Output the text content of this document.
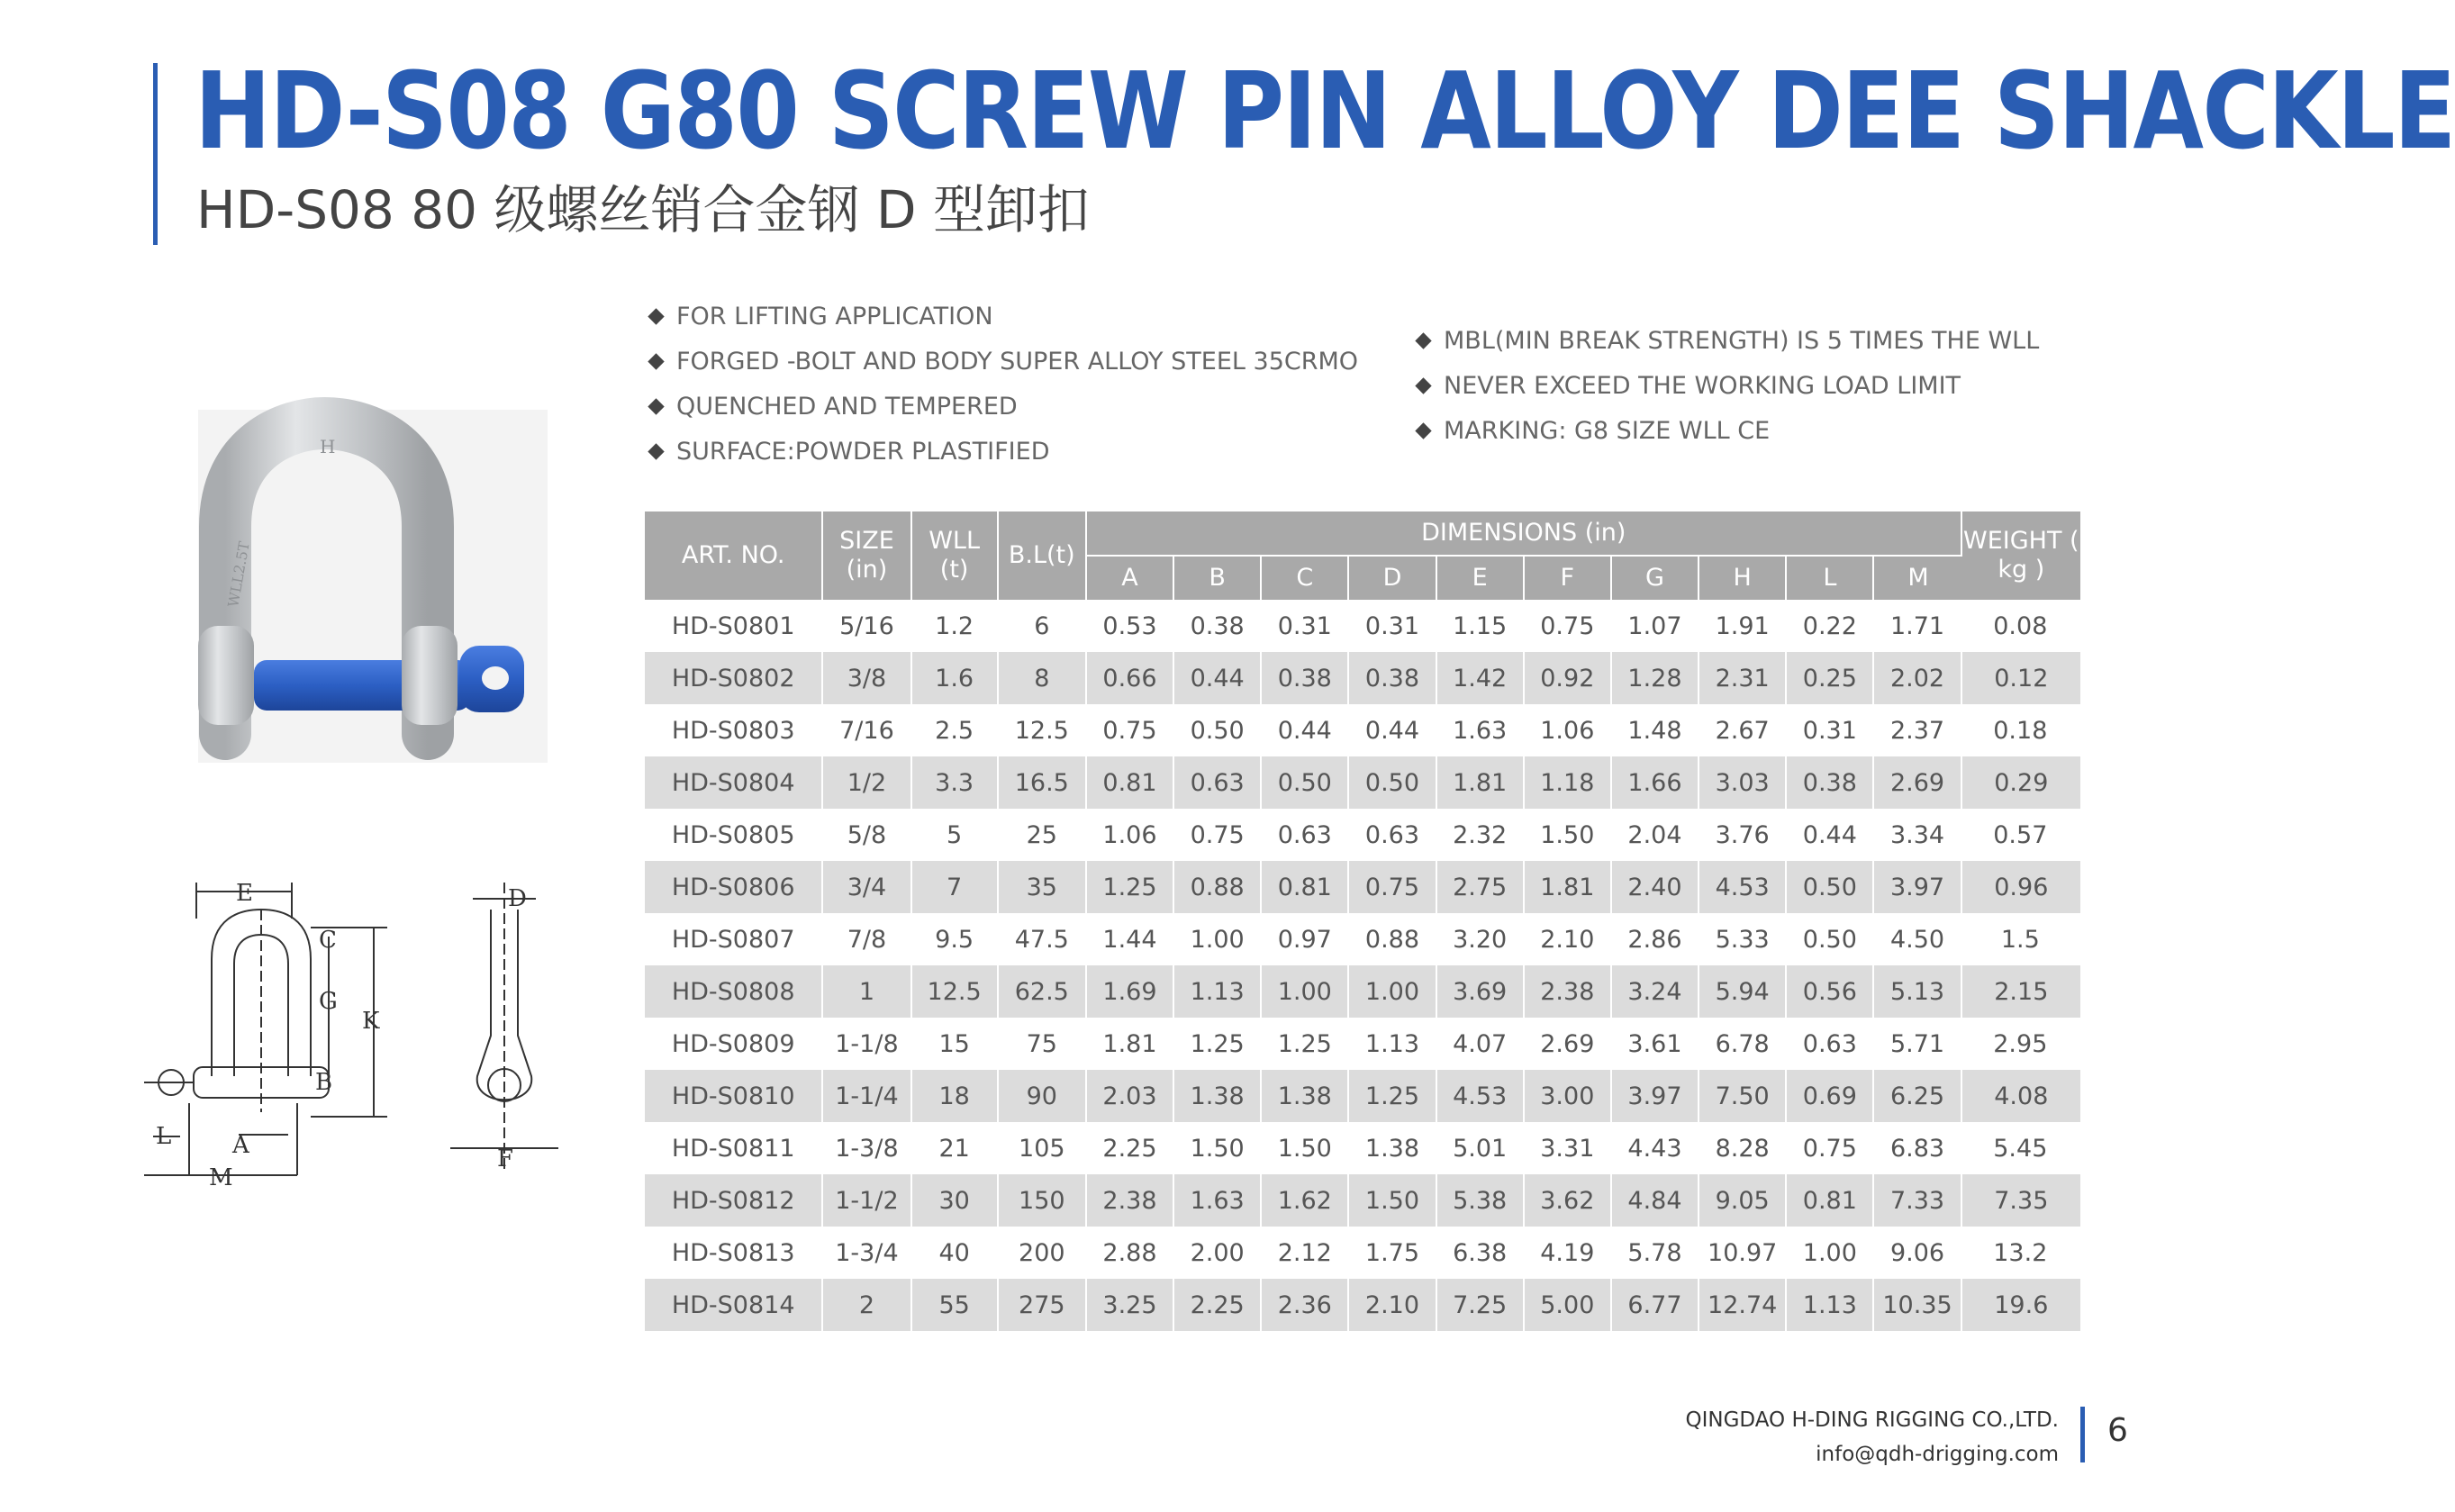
HD-S08 G80 SCREW PIN ALLOY DEE SHACKLE
HD-S08 80 级螺丝销合金钢 D 型卸扣
FOR LIFTING APPLICATION
FORGED -BOLT AND BODY SUPER ALLOY STEEL 35CRMO
QUENCHED AND TEMPERED
SURFACE:POWDER PLASTIFIED
MBL(MIN BREAK STRENGTH) IS 5 TIMES THE WLL
NEVER EXCEED THE WORKING LOAD LIMIT
MARKING: G8 SIZE WLL CE
H
WLL2.5T
E
C
G
K
B
L	A
M
D
F
ART. NO.	SIZE (in)	WLL (t)	B.L(t)	DIMENSIONS (in)										WEIGHT ( kg )
				A	B	C	D	E	F	G	H	L	M	
HD-S0801	5/16	1.2	6	0.53	0.38	0.31	0.31	1.15	0.75	1.07	1.91	0.22	1.71	0.08
HD-S0802	3/8	1.6	8	0.66	0.44	0.38	0.38	1.42	0.92	1.28	2.31	0.25	2.02	0.12
HD-S0803	7/16	2.5	12.5	0.75	0.50	0.44	0.44	1.63	1.06	1.48	2.67	0.31	2.37	0.18
HD-S0804	1/2	3.3	16.5	0.81	0.63	0.50	0.50	1.81	1.18	1.66	3.03	0.38	2.69	0.29
HD-S0805	5/8	5	25	1.06	0.75	0.63	0.63	2.32	1.50	2.04	3.76	0.44	3.34	0.57
HD-S0806	3/4	7	35	1.25	0.88	0.81	0.75	2.75	1.81	2.40	4.53	0.50	3.97	0.96
HD-S0807	7/8	9.5	47.5	1.44	1.00	0.97	0.88	3.20	2.10	2.86	5.33	0.50	4.50	1.5
HD-S0808	1	12.5	62.5	1.69	1.13	1.00	1.00	3.69	2.38	3.24	5.94	0.56	5.13	2.15
HD-S0809	1-1/8	15	75	1.81	1.25	1.25	1.13	4.07	2.69	3.61	6.78	0.63	5.71	2.95
HD-S0810	1-1/4	18	90	2.03	1.38	1.38	1.25	4.53	3.00	3.97	7.50	0.69	6.25	4.08
HD-S0811	1-3/8	21	105	2.25	1.50	1.50	1.38	5.01	3.31	4.43	8.28	0.75	6.83	5.45
HD-S0812	1-1/2	30	150	2.38	1.63	1.62	1.50	5.38	3.62	4.84	9.05	0.81	7.33	7.35
HD-S0813	1-3/4	40	200	2.88	2.00	2.12	1.75	6.38	4.19	5.78	10.97	1.00	9.06	13.2
HD-S0814	2	55	275	3.25	2.25	2.36	2.10	7.25	5.00	6.77	12.74	1.13	10.35	19.6
QINGDAO H-DING RIGGING CO.,LTD.
info@qdh-drigging.com
6
